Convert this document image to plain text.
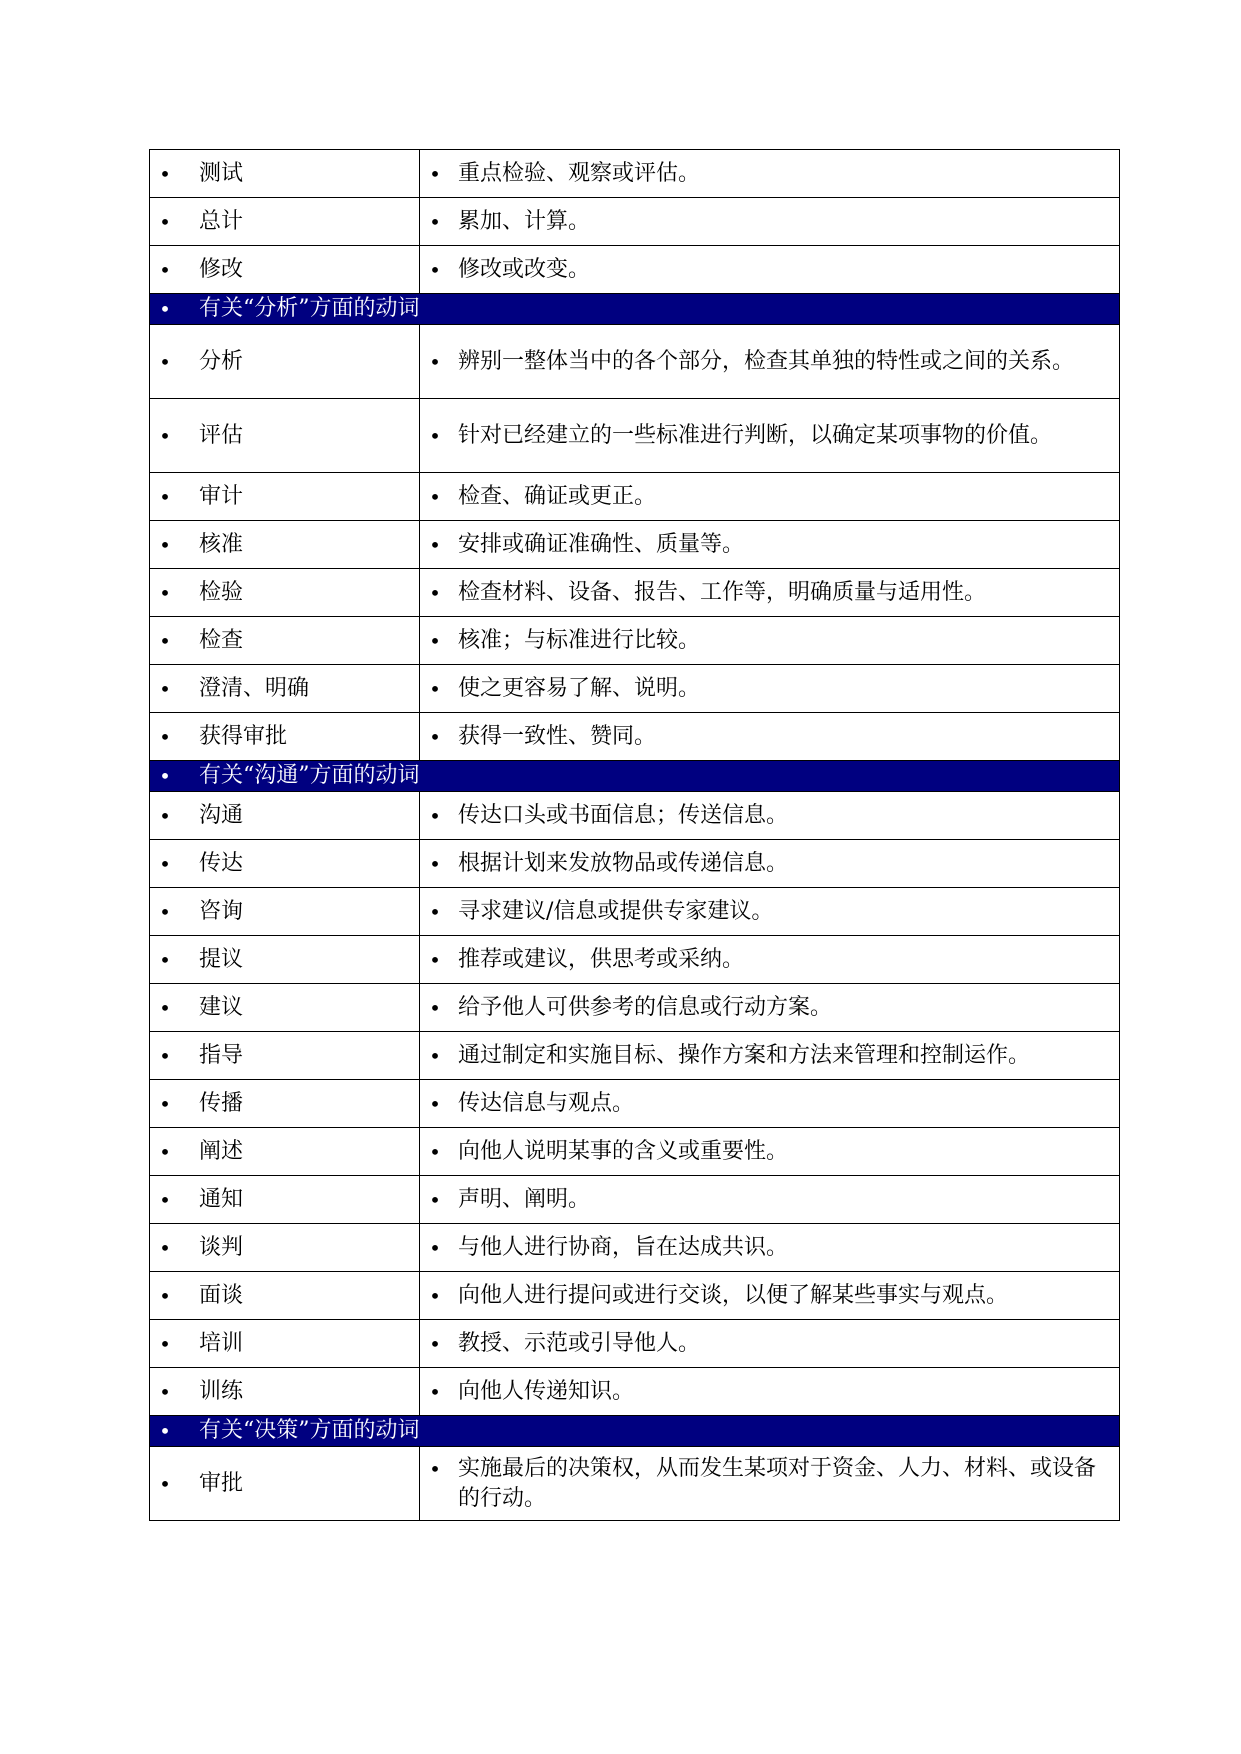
• 测试	• 重点检验、观察或评估。

• 总计	• 累加、计算。

• 修改	• 修改或改变。

• 有关“分析”方面的动词	

• 分析	• 辨别一整体当中的各个部分，检查其单独的特性或之间的关系。

• 评估	• 针对已经建立的一些标准进行判断，以确定某项事物的价值。

• 审计	• 检查、确证或更正。

• 核准	• 安排或确证准确性、质量等。

• 检验	• 检查材料、设备、报告、工作等，明确质量与适用性。

• 检查	• 核准；与标准进行比较。

• 澄清、明确	• 使之更容易了解、说明。

• 获得审批	• 获得一致性、赞同。

• 有关“沟通”方面的动词	

• 沟通	• 传达口头或书面信息；传送信息。

• 传达	• 根据计划来发放物品或传递信息。

• 咨询	• 寻求建议/信息或提供专家建议。

• 提议	• 推荐或建议，供思考或采纳。

• 建议	• 给予他人可供参考的信息或行动方案。

• 指导	• 通过制定和实施目标、操作方案和方法来管理和控制运作。

• 传播	• 传达信息与观点。

• 阐述	• 向他人说明某事的含义或重要性。

• 通知	• 声明、阐明。

• 谈判	• 与他人进行协商，旨在达成共识。

• 面谈	• 向他人进行提问或进行交谈，以便了解某些事实与观点。

• 培训	• 教授、示范或引导他人。

• 训练	• 向他人传递知识。

• 有关“决策”方面的动词	

• 审批	• 实施最后的决策权，从而发生某项对于资金、人力、材料、或设备的行动。
